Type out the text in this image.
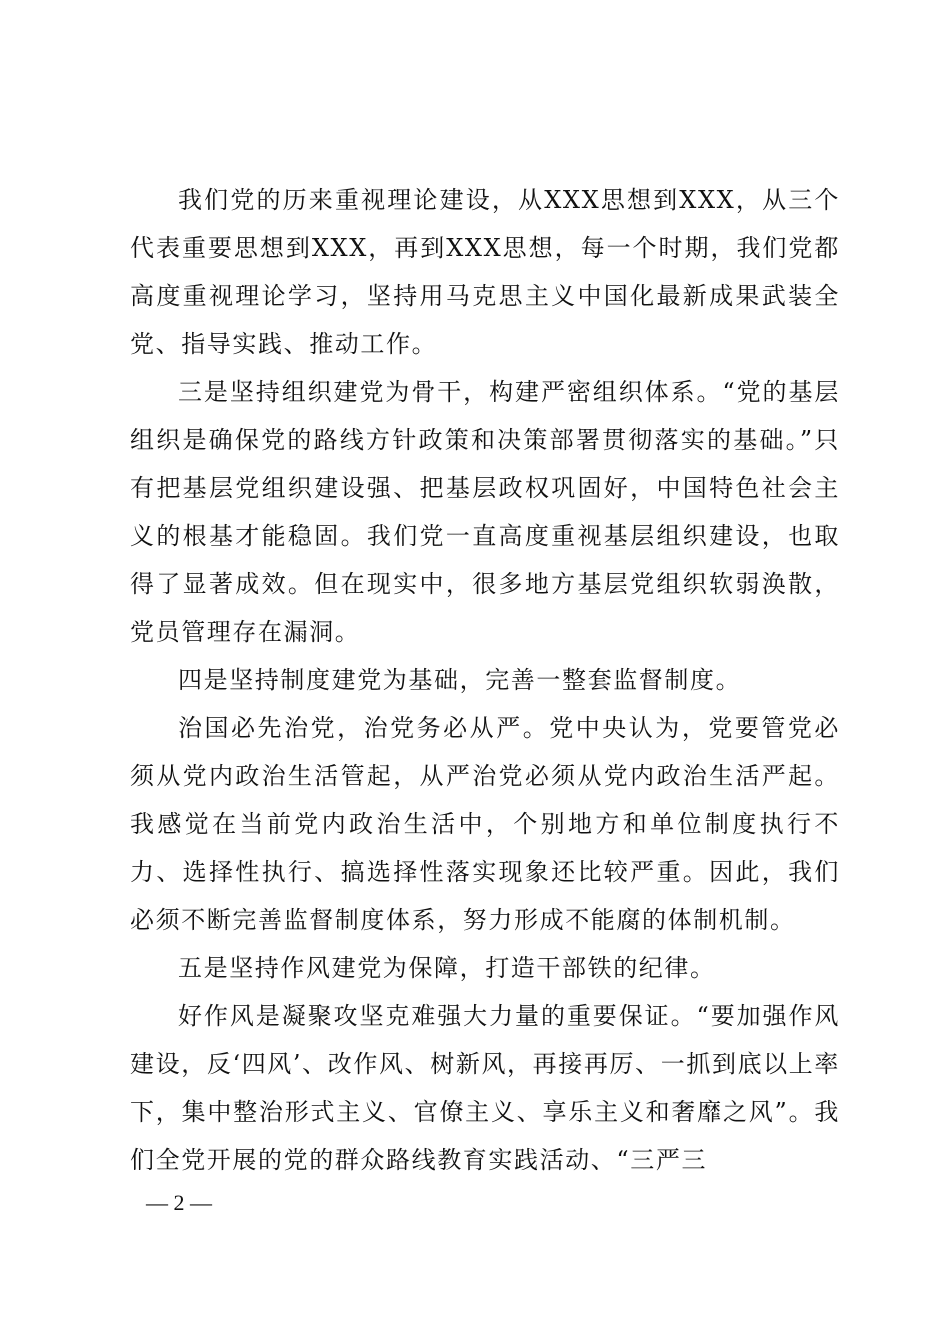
我们党的历来重视理论建设，从XXX思想到XXX，从三个代表重要思想到XXX，再到XXX思想，每一个时期，我们党都高度重视理论学习，坚持用马克思主义中国化最新成果武装全党、指导实践、推动工作。

三是坚持组织建党为骨干，构建严密组织体系。“党的基层组织是确保党的路线方针政策和决策部署贯彻落实的基础。”只有把基层党组织建设强、把基层政权巩固好，中国特色社会主义的根基才能稳固。我们党一直高度重视基层组织建设，也取得了显著成效。但在现实中，很多地方基层党组织软弱涣散，党员管理存在漏洞。

四是坚持制度建党为基础，完善一整套监督制度。

治国必先治党，治党务必从严。党中央认为，党要管党必须从党内政治生活管起，从严治党必须从党内政治生活严起。我感觉在当前党内政治生活中，个别地方和单位制度执行不力、选择性执行、搞选择性落实现象还比较严重。因此，我们必须不断完善监督制度体系，努力形成不能腐的体制机制。

五是坚持作风建党为保障，打造干部铁的纪律。

好作风是凝聚攻坚克难强大力量的重要保证。“要加强作风建设，反‘四风’、改作风、树新风，再接再厉、一抓到底以上率下，集中整治形式主义、官僚主义、享乐主义和奢靡之风”。我们全党开展的党的群众路线教育实践活动、“三严三

— 2 —
